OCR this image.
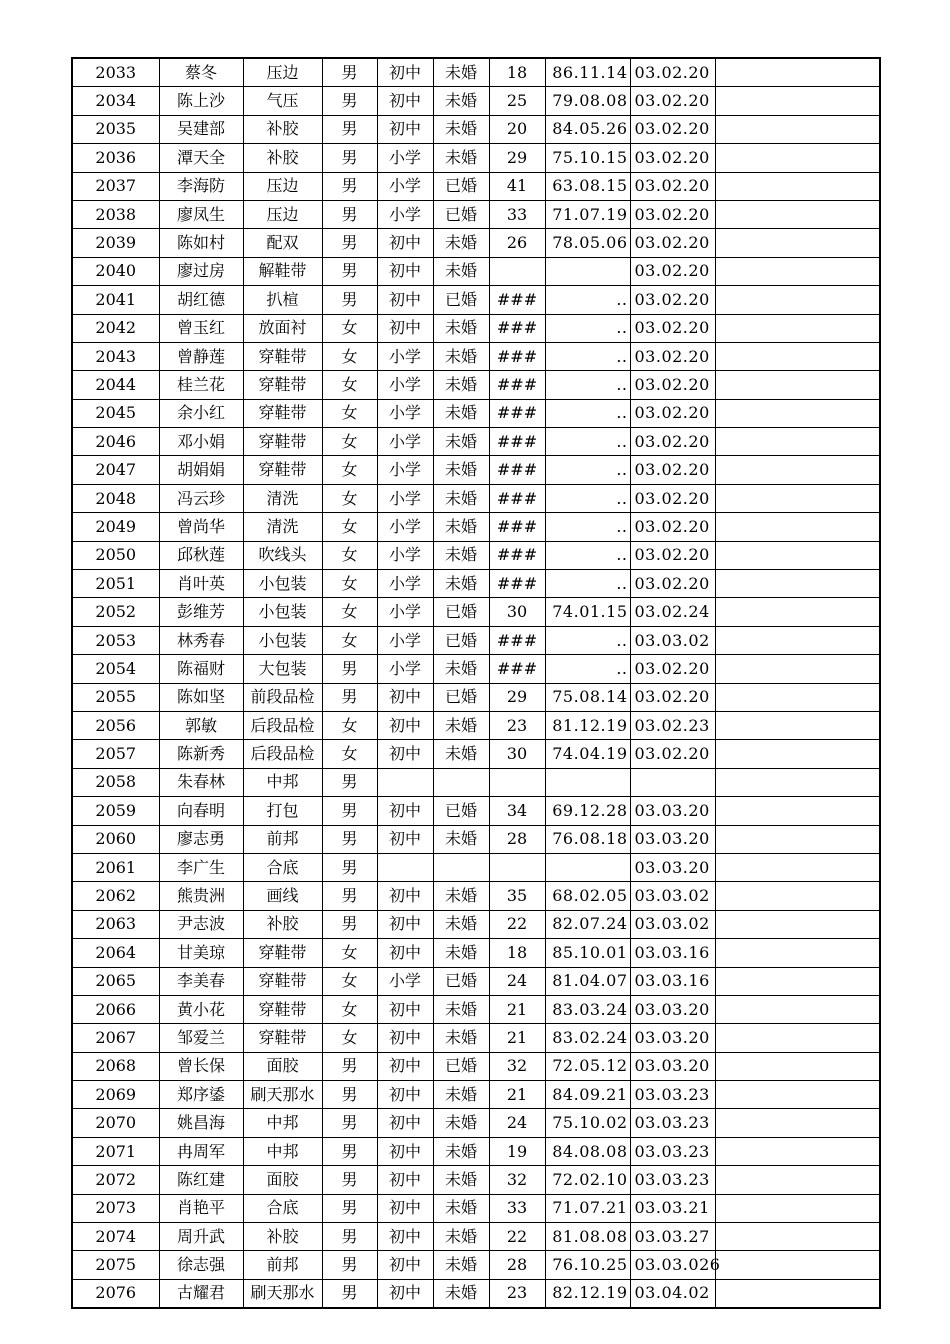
2033	蔡冬	压边	男	初中	未婚	18	86.11.14	03.02.20	
2034	陈上沙	气压	男	初中	未婚	25	79.08.08	03.02.20	
2035	吴建部	补胶	男	初中	未婚	20	84.05.26	03.02.20	
2036	潭天全	补胶	男	小学	未婚	29	75.10.15	03.02.20	
2037	李海防	压边	男	小学	已婚	41	63.08.15	03.02.20	
2038	廖凤生	压边	男	小学	已婚	33	71.07.19	03.02.20	
2039	陈如村	配双	男	初中	未婚	26	78.05.06	03.02.20	
2040	廖过房	解鞋带	男	初中	未婚			03.02.20	
2041	胡红德	扒楦	男	初中	已婚	###	..	03.02.20	
2042	曾玉红	放面衬	女	初中	未婚	###	..	03.02.20	
2043	曾静莲	穿鞋带	女	小学	未婚	###	..	03.02.20	
2044	桂兰花	穿鞋带	女	小学	未婚	###	..	03.02.20	
2045	余小红	穿鞋带	女	小学	未婚	###	..	03.02.20	
2046	邓小娟	穿鞋带	女	小学	未婚	###	..	03.02.20	
2047	胡娟娟	穿鞋带	女	小学	未婚	###	..	03.02.20	
2048	冯云珍	清洗	女	小学	未婚	###	..	03.02.20	
2049	曾尚华	清洗	女	小学	未婚	###	..	03.02.20	
2050	邱秋莲	吹线头	女	小学	未婚	###	..	03.02.20	
2051	肖叶英	小包装	女	小学	未婚	###	..	03.02.20	
2052	彭维芳	小包装	女	小学	已婚	30	74.01.15	03.02.24	
2053	林秀春	小包装	女	小学	已婚	###	..	03.03.02	
2054	陈福财	大包装	男	小学	未婚	###	..	03.02.20	
2055	陈如坚	前段品检	男	初中	已婚	29	75.08.14	03.02.20	
2056	郭敏	后段品检	女	初中	未婚	23	81.12.19	03.02.23	
2057	陈新秀	后段品检	女	初中	未婚	30	74.04.19	03.02.20	
2058	朱春林	中邦	男						
2059	向春明	打包	男	初中	已婚	34	69.12.28	03.03.20	
2060	廖志勇	前邦	男	初中	未婚	28	76.08.18	03.03.20	
2061	李广生	合底	男					03.03.20	
2062	熊贵洲	画线	男	初中	未婚	35	68.02.05	03.03.02	
2063	尹志波	补胶	男	初中	未婚	22	82.07.24	03.03.02	
2064	甘美琼	穿鞋带	女	初中	未婚	18	85.10.01	03.03.16	
2065	李美春	穿鞋带	女	小学	已婚	24	81.04.07	03.03.16	
2066	黄小花	穿鞋带	女	初中	未婚	21	83.03.24	03.03.20	
2067	邹爱兰	穿鞋带	女	初中	未婚	21	83.02.24	03.03.20	
2068	曾长保	面胶	男	初中	已婚	32	72.05.12	03.03.20	
2069	郑序鋈	刷天那水	男	初中	未婚	21	84.09.21	03.03.23	
2070	姚昌海	中邦	男	初中	未婚	24	75.10.02	03.03.23	
2071	冉周军	中邦	男	初中	未婚	19	84.08.08	03.03.23	
2072	陈红建	面胶	男	初中	未婚	32	72.02.10	03.03.23	
2073	肖艳平	合底	男	初中	未婚	33	71.07.21	03.03.21	
2074	周升武	补胶	男	初中	未婚	22	81.08.08	03.03.27	
2075	徐志强	前邦	男	初中	未婚	28	76.10.25	03.03.026	
2076	古耀君	刷天那水	男	初中	未婚	23	82.12.19	03.04.02	
